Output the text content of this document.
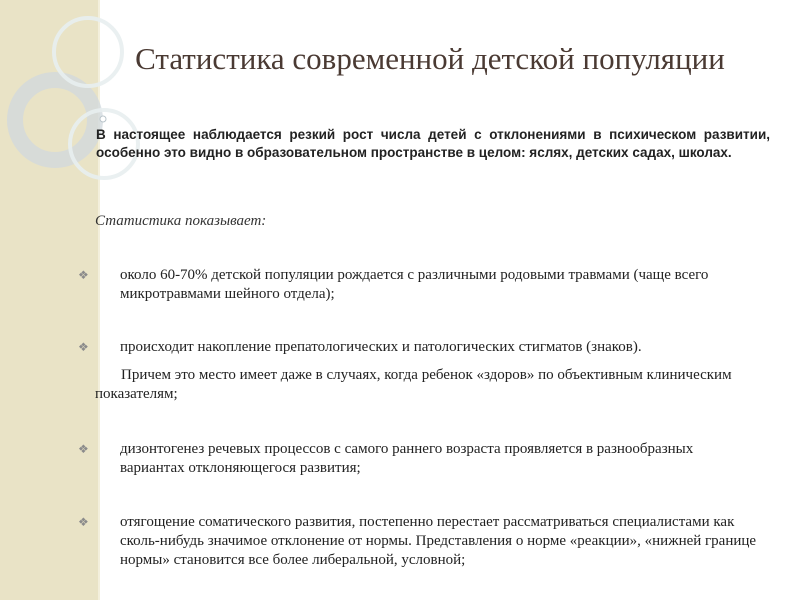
Статистика современной детской популяции
В настоящее наблюдается резкий рост числа детей с отклонениями в психическом развитии, особенно это видно в образовательном пространстве в целом: яслях, детских садах, школах.
Статистика показывает:
❖ около 60-70% детской популяции рождается с различными родовыми травмами (чаще всего микротравмами шейного отдела);
❖ происходит накопление препатологических и патологических стигматов (знаков).
Причем это место имеет даже в случаях, когда ребенок «здоров» по объективным клиническим показателям;
❖ дизонтогенез речевых процессов с самого раннего возраста проявляется в разнообразных вариантах отклоняющегося развития;
❖ отягощение соматического развития, постепенно перестает рассматриваться специалистами как сколь-нибудь значимое отклонение от нормы. Представления о норме «реакции», «нижней границе нормы» становится все более либеральной, условной;
